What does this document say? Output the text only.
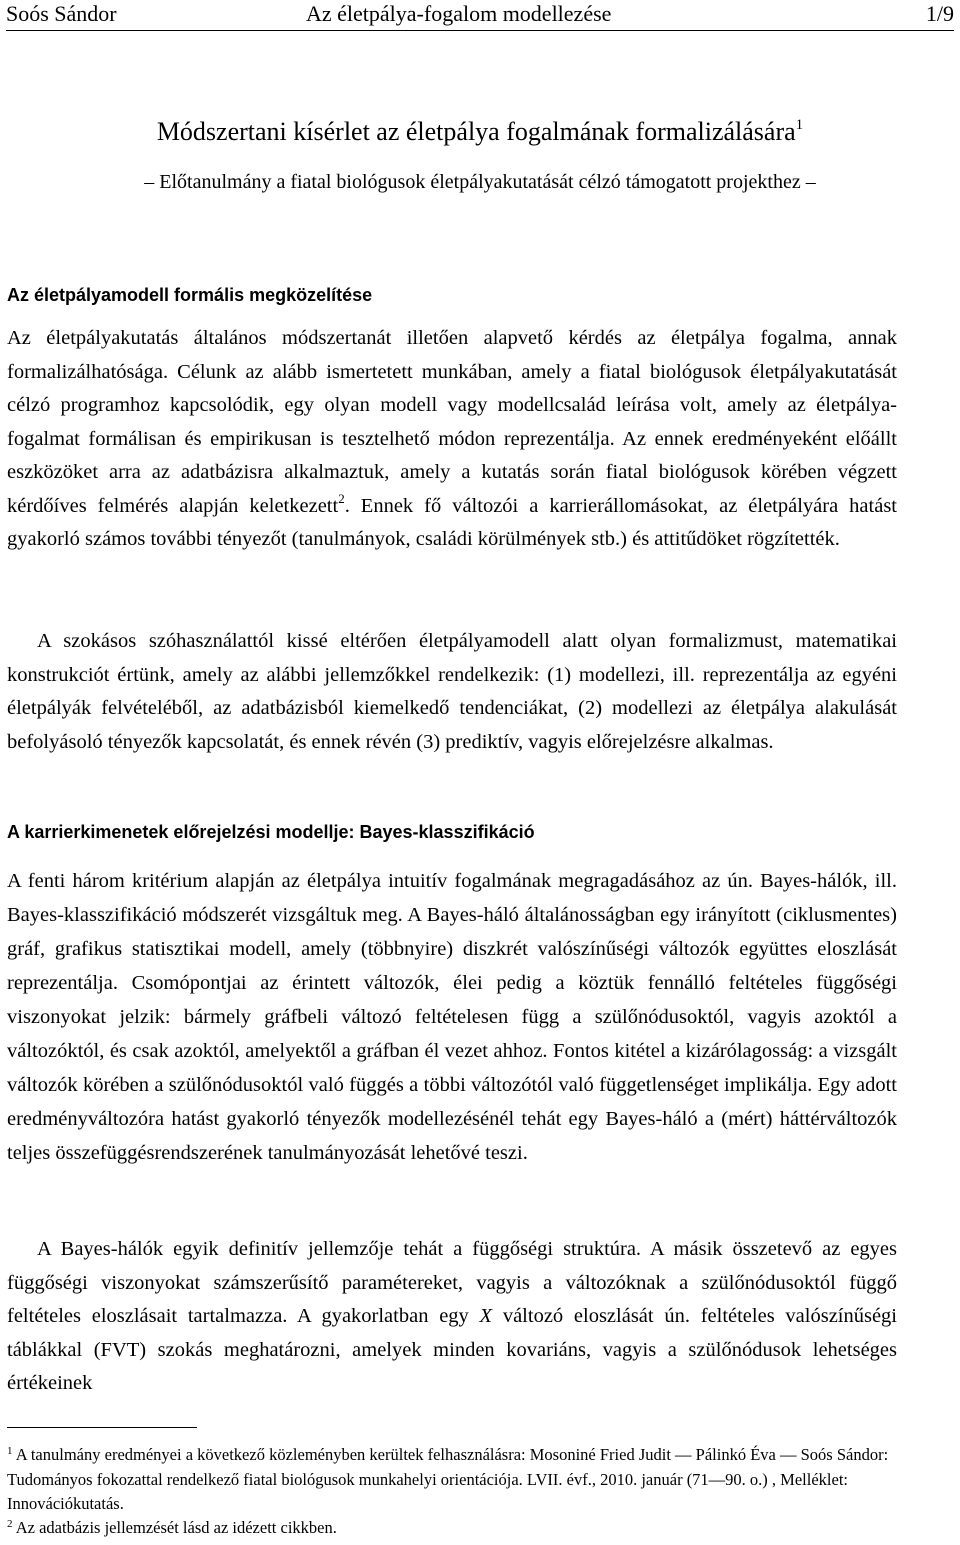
Soós Sándor	Az életpálya-fogalom modellezése	1/9
Módszertani kísérlet az életpálya fogalmának formalizálására$^1$
– Előtanulmány a fiatal biológusok életpályakutatását célzó támogatott projekthez –
Az életpályamodell formális megközelítése
Az életpályakutatás általános módszertanát illetően alapvető kérdés az életpálya fogalma, annak formalizálhatósága. Célunk az alább ismertetett munkában, amely a fiatal biológusok életpályakutatását célzó programhoz kapcsolódik, egy olyan modell vagy modellcsalád leírása volt, amely az életpálya-fogalmat formálisan és empirikusan is tesztelhető módon reprezentálja. Az ennek eredményeként előállt eszközöket arra az adatbázisra alkalmaztuk, amely a kutatás során fiatal biológusok körében végzett kérdőíves felmérés alapján keletkezett$^2$. Ennek fő változói a karrierállomásokat, az életpályára hatást gyakorló számos további tényezőt (tanulmányok, családi körülmények stb.) és attitűdöket rögzítették.
A szokásos szóhasználattól kissé eltérően életpályamodell alatt olyan formalizmust, matematikai konstrukciót értünk, amely az alábbi jellemzőkkel rendelkezik: (1) modellezi, ill. reprezentálja az egyéni életpályák felvételéből, az adatbázisból kiemelkedő tendenciákat, (2) modellezi az életpálya alakulását befolyásoló tényezők kapcsolatát, és ennek révén (3) prediktív, vagyis előrejelzésre alkalmas.
A karrierkimenetek előrejelzési modellje: Bayes-klasszifikáció
A fenti három kritérium alapján az életpálya intuitív fogalmának megragadásához az ún. Bayes-hálók, ill. Bayes-klasszifikáció módszerét vizsgáltuk meg. A Bayes-háló általánosságban egy irányított (ciklusmentes) gráf, grafikus statisztikai modell, amely (többnyire) diszkrét valószínűségi változók együttes eloszlását reprezentálja. Csomópontjai az érintett változók, élei pedig a köztük fennálló feltételes függőségi viszonyokat jelzik: bármely gráfbeli változó feltételesen függ a szülőnódusoktól, vagyis azoktól a változóktól, és csak azoktól, amelyektől a gráfban él vezet ahhoz. Fontos kitétel a kizárólagosság: a vizsgált változók körében a szülőnódusoktól való függés a többi változótól való függetlenséget implikálja. Egy adott eredményváltozóra hatást gyakorló tényezők modellezésénél tehát egy Bayes-háló a (mért) háttérváltozók teljes összefüggésrendszerének tanulmányozását lehetővé teszi.
A Bayes-hálók egyik definitív jellemzője tehát a függőségi struktúra. A másik összetevő az egyes függőségi viszonyokat számszerűsítő paramétereket, vagyis a változóknak a szülőnódusoktól függő feltételes eloszlásait tartalmazza. A gyakorlatban egy X változó eloszlását ún. feltételes valószínűségi táblákkal (FVT) szokás meghatározni, amelyek minden kovariáns, vagyis a szülőnódusok lehetséges értékeinek
$^1$ A tanulmány eredményei a következő közleményben kerültek felhasználásra: Mosoniné Fried Judit — Pálinkó Éva — Soós Sándor: Tudományos fokozattal rendelkező fiatal biológusok munkahelyi orientációja. LVII. évf., 2010. január (71—90. o.) , Melléklet: Innovációkutatás.
$^2$ Az adatbázis jellemzését lásd az idézett cikkben.
